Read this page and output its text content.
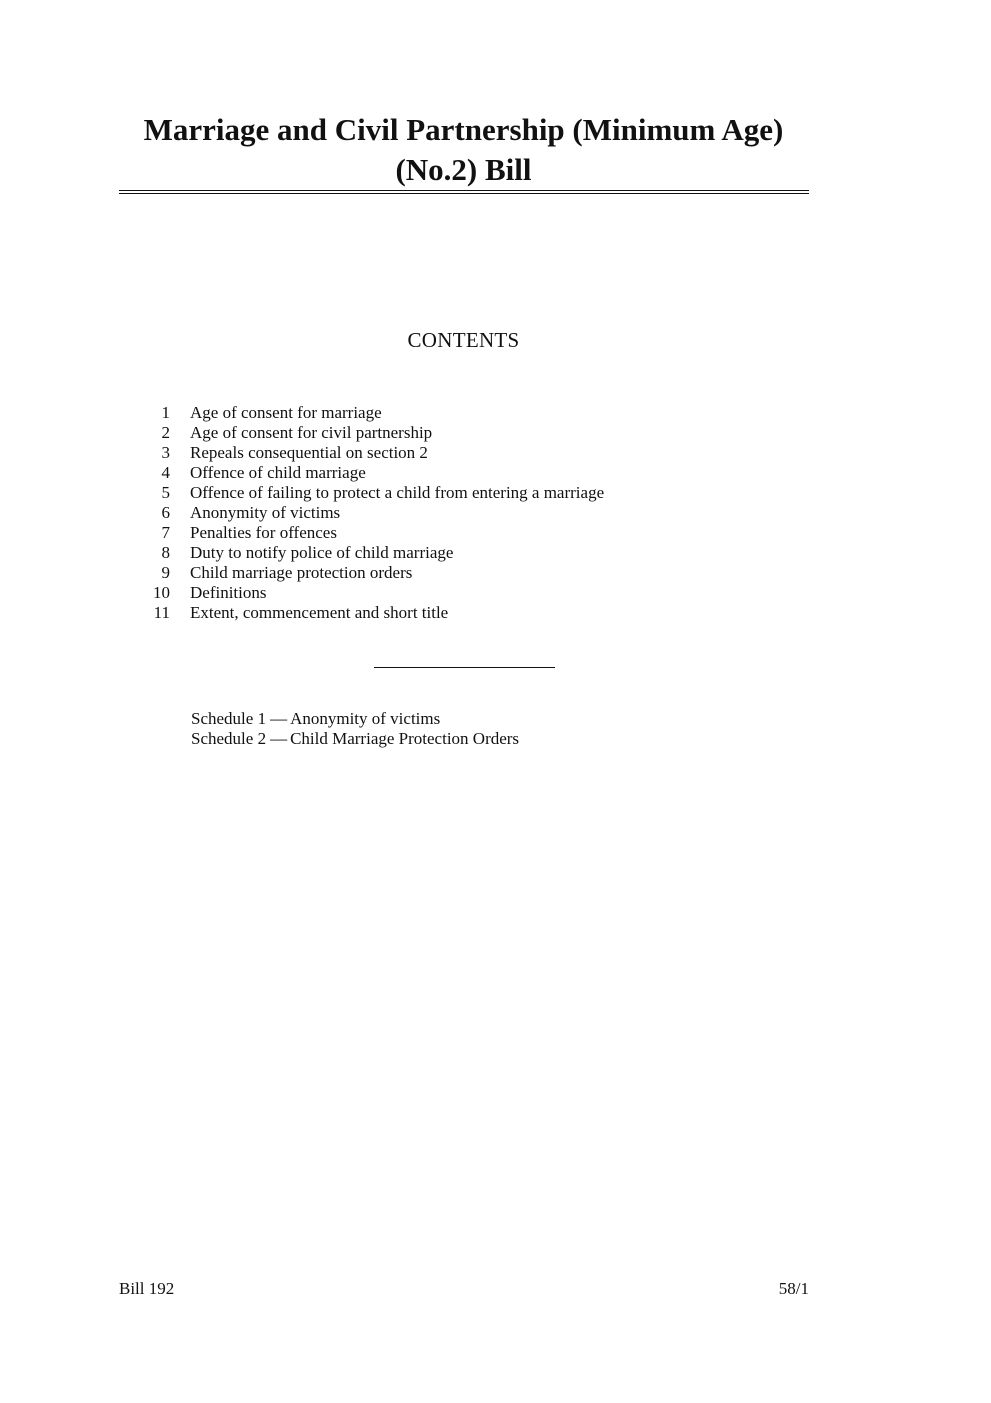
Marriage and Civil Partnership (Minimum Age)
(No.2) Bill
CONTENTS
1 Age of consent for marriage
2 Age of consent for civil partnership
3 Repeals consequential on section 2
4 Offence of child marriage
5 Offence of failing to protect a child from entering a marriage
6 Anonymity of victims
7 Penalties for offences
8 Duty to notify police of child marriage
9 Child marriage protection orders
10 Definitions
11 Extent, commencement and short title
Schedule 1 — Anonymity of victims
Schedule 2 — Child Marriage Protection Orders
Bill 192	58/1
